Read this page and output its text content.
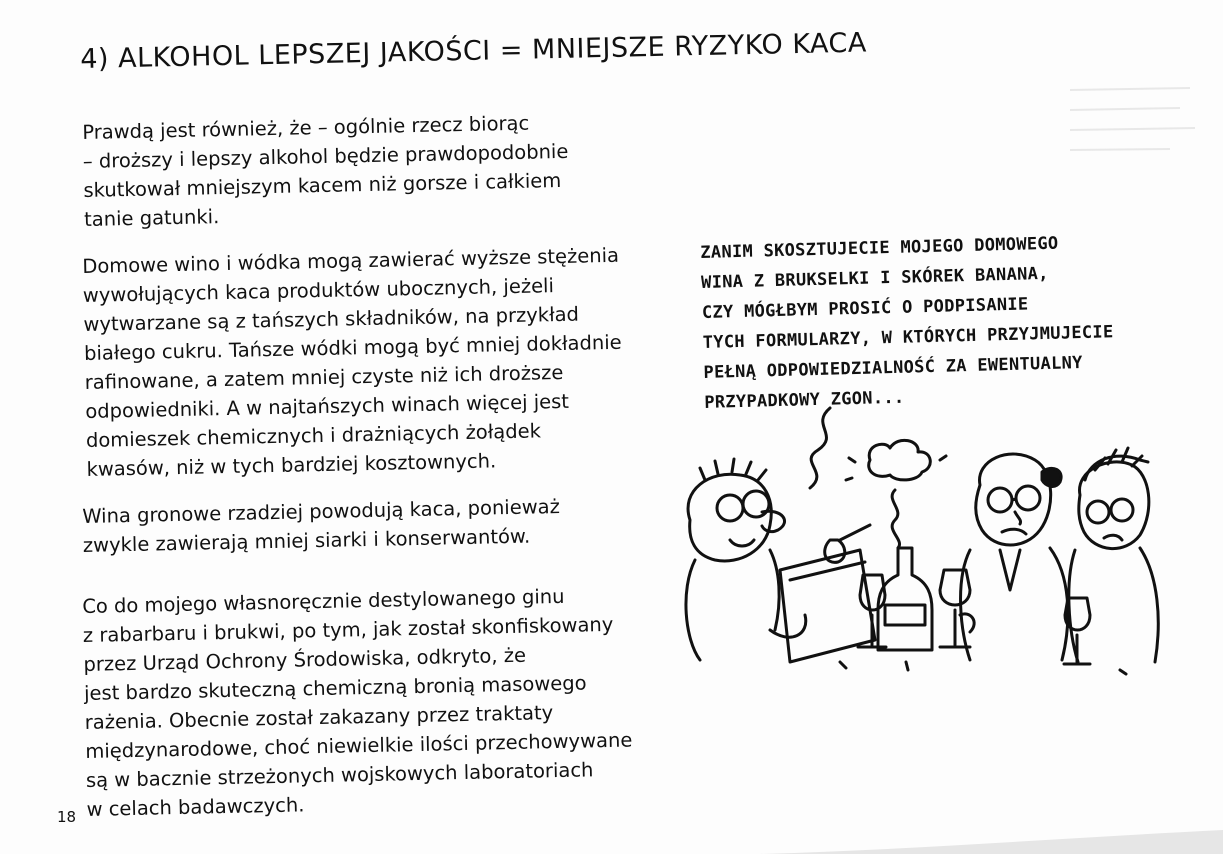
4) ALKOHOL LEPSZEJ JAKOŚCI = MNIEJSZE RYZYKO KACA
Prawdą jest również, że – ogólnie rzecz biorąc
– droższy i lepszy alkohol będzie prawdopodobnie
skutkował mniejszym kacem niż gorsze i całkiem
tanie gatunki.
Domowe wino i wódka mogą zawierać wyższe stężenia
wywołujących kaca produktów ubocznych, jeżeli
wytwarzane są z tańszych składników, na przykład
białego cukru. Tańsze wódki mogą być mniej dokładnie
rafinowane, a zatem mniej czyste niż ich droższe
odpowiedniki. A w najtańszych winach więcej jest
domieszek chemicznych i drażniących żołądek
kwasów, niż w tych bardziej kosztownych.
Wina gronowe rzadziej powodują kaca, ponieważ
zwykle zawierają mniej siarki i konserwantów.
Co do mojego własnoręcznie destylowanego ginu
z rabarbaru i brukwi, po tym, jak został skonfiskowany
przez Urząd Ochrony Środowiska, odkryto, że
jest bardzo skuteczną chemiczną bronią masowego
rażenia. Obecnie został zakazany przez traktaty
międzynarodowe, choć niewielkie ilości przechowywane
są w bacznie strzeżonych wojskowych laboratoriach
w celach badawczych.
ZANIM SKOSZTUJECIE MOJEGO DOMOWEGO
WINA Z BRUKSELKI I SKÓREK BANANA,
CZY MÓGŁBYM PROSIĆ O PODPISANIE
TYCH FORMULARZY, W KTÓRYCH PRZYJMUJECIE
PEŁNĄ ODPOWIEDZIALNOŚĆ ZA EWENTUALNY
PRZYPADKOWY ZGON...
18
